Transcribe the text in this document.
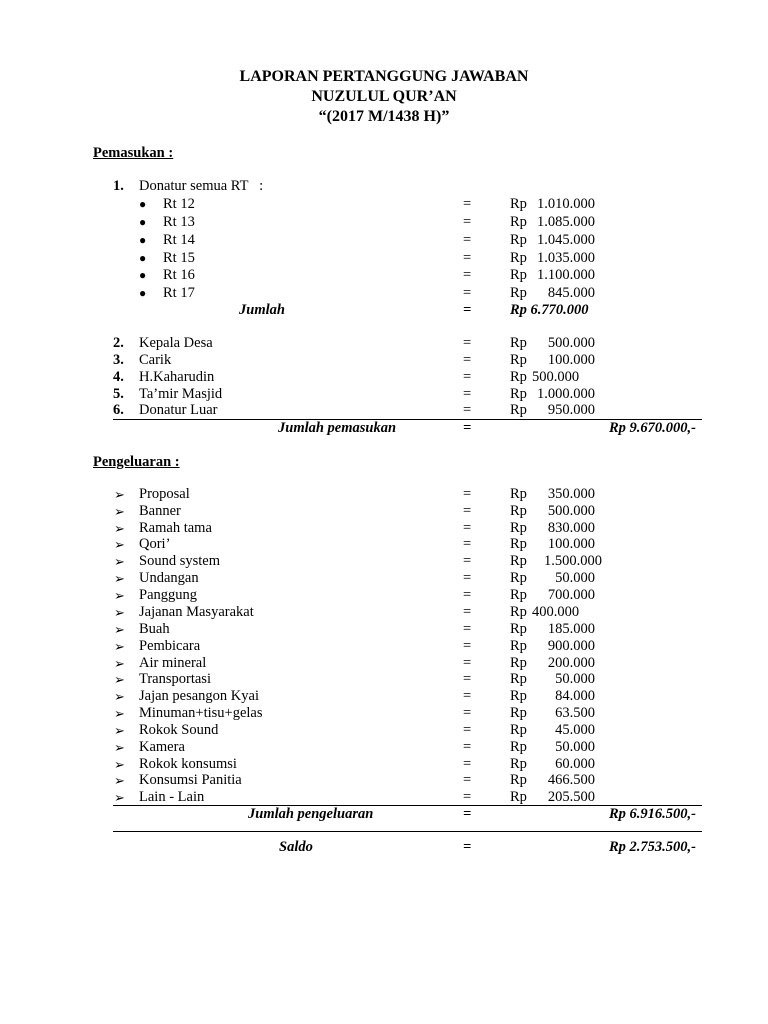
LAPORAN PERTANGGUNG JAWABAN
NUZULUL QUR’AN
“(2017 M/1438 H)”
Pemasukan :
1. Donatur semua RT   :
● Rt 12	=	Rp 1.010.000
● Rt 13	=	Rp 1.085.000
● Rt 14	=	Rp 1.045.000
● Rt 15	=	Rp 1.035.000
● Rt 16	=	Rp 1.100.000
● Rt 17	=	Rp	845.000
Jumlah	=	Rp 6.770.000
2. Kepala Desa	=	Rp	500.000
3. Carik	=	Rp	100.000
4. H.Kaharudin	=	Rp 500.000
5. Ta’mir Masjid	=	Rp 1.000.000
6. Donatur Luar	=	Rp	950.000
Jumlah pemasukan	=	Rp 9.670.000,-
Pengeluaran :
➢ Proposal	=	Rp	350.000
➢ Banner	=	Rp	500.000
➢ Ramah tama	=	Rp	830.000
➢ Qori’	=	Rp	100.000
➢ Sound system	=	Rp	1.500.000
➢ Undangan	=	Rp	50.000
➢ Panggung	=	Rp	700.000
➢ Jajanan Masyarakat	=	Rp 400.000
➢ Buah	=	Rp	185.000
➢ Pembicara	=	Rp	900.000
➢ Air mineral	=	Rp	200.000
➢ Transportasi	=	Rp	50.000
➢ Jajan pesangon Kyai	=	Rp	84.000
➢ Minuman+tisu+gelas	=	Rp	63.500
➢ Rokok Sound	=	Rp	45.000
➢ Kamera	=	Rp	50.000
➢ Rokok konsumsi	=	Rp	60.000
➢ Konsumsi Panitia	=	Rp	466.500
➢ Lain - Lain	=	Rp	205.500
Jumlah pengeluaran	=	Rp 6.916.500,-
Saldo	=	Rp 2.753.500,-
